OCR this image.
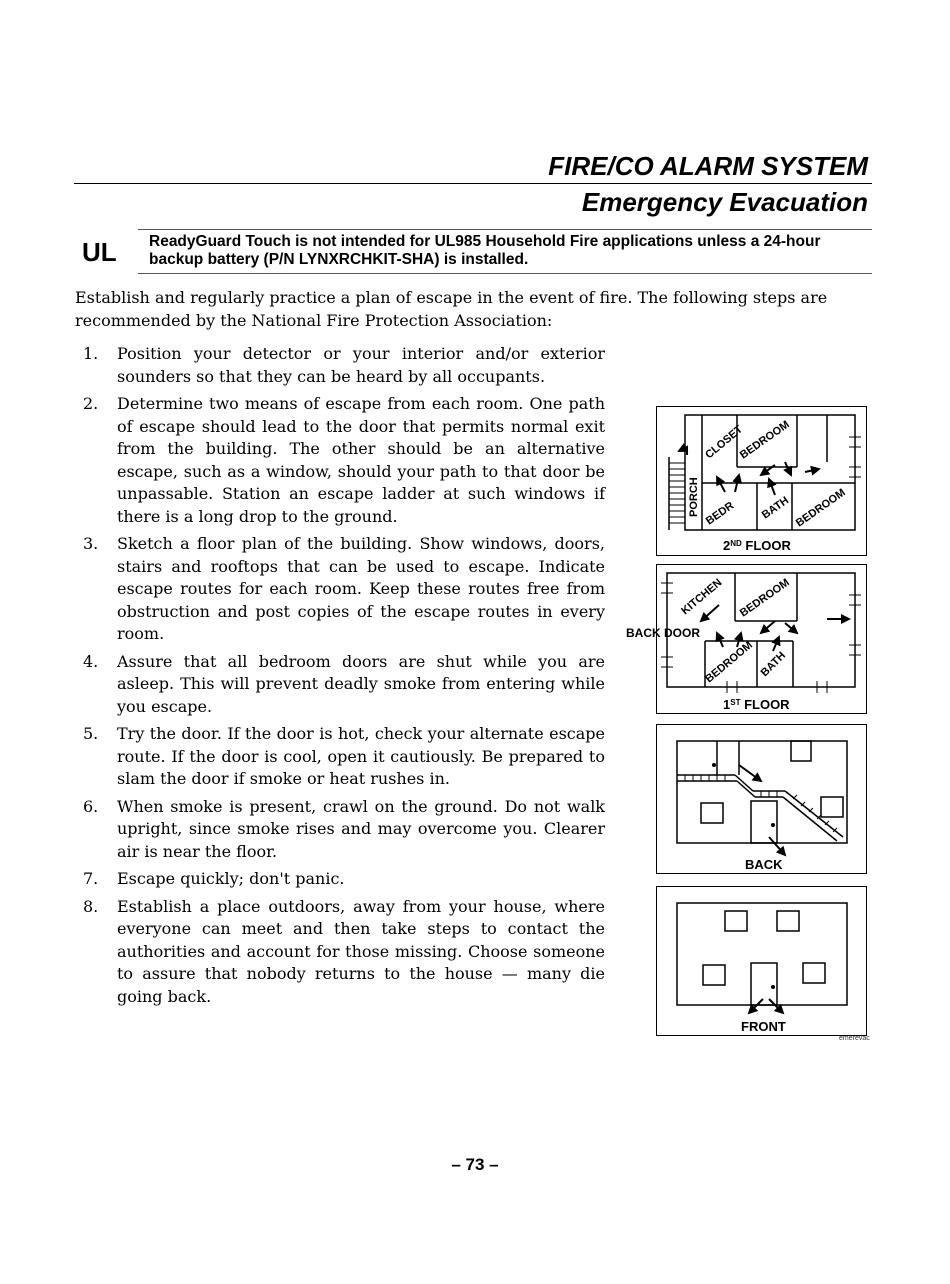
FIRE/CO ALARM SYSTEM
Emergency Evacuation
UL	ReadyGuard Touch is not intended for UL985 Household Fire applications unless a 24-hour backup battery (P/N LYNXRCHKIT-SHA) is installed.
Establish and regularly practice a plan of escape in the event of fire. The following steps are recommended by the National Fire Protection Association:
1. Position your detector or your interior and/or exterior sounders so that they can be heard by all occupants.
2. Determine two means of escape from each room. One path of escape should lead to the door that permits normal exit from the building. The other should be an alternative escape, such as a window, should your path to that door be unpassable. Station an escape ladder at such windows if there is a long drop to the ground.
3. Sketch a floor plan of the building. Show windows, doors, stairs and rooftops that can be used to escape. Indicate escape routes for each room. Keep these routes free from obstruction and post copies of the escape routes in every room.
4. Assure that all bedroom doors are shut while you are asleep. This will prevent deadly smoke from entering while you escape.
5. Try the door. If the door is hot, check your alternate escape route. If the door is cool, open it cautiously. Be prepared to slam the door if smoke or heat rushes in.
6. When smoke is present, crawl on the ground. Do not walk upright, since smoke rises and may overcome you. Clearer air is near the floor.
7. Escape quickly; don't panic.
8. Establish a place outdoors, away from your house, where everyone can meet and then take steps to contact the authorities and account for those missing. Choose someone to assure that nobody returns to the house — many die going back.
CLOSET
BEDROOM
PORCH BEDR BATH BEDROOM
2ND FLOOR
KITCHEN BEDROOM
BEDROOM BATH
1ST FLOOR
BACK DOOR
BACK
FRONT
emerevac
– 73 –
